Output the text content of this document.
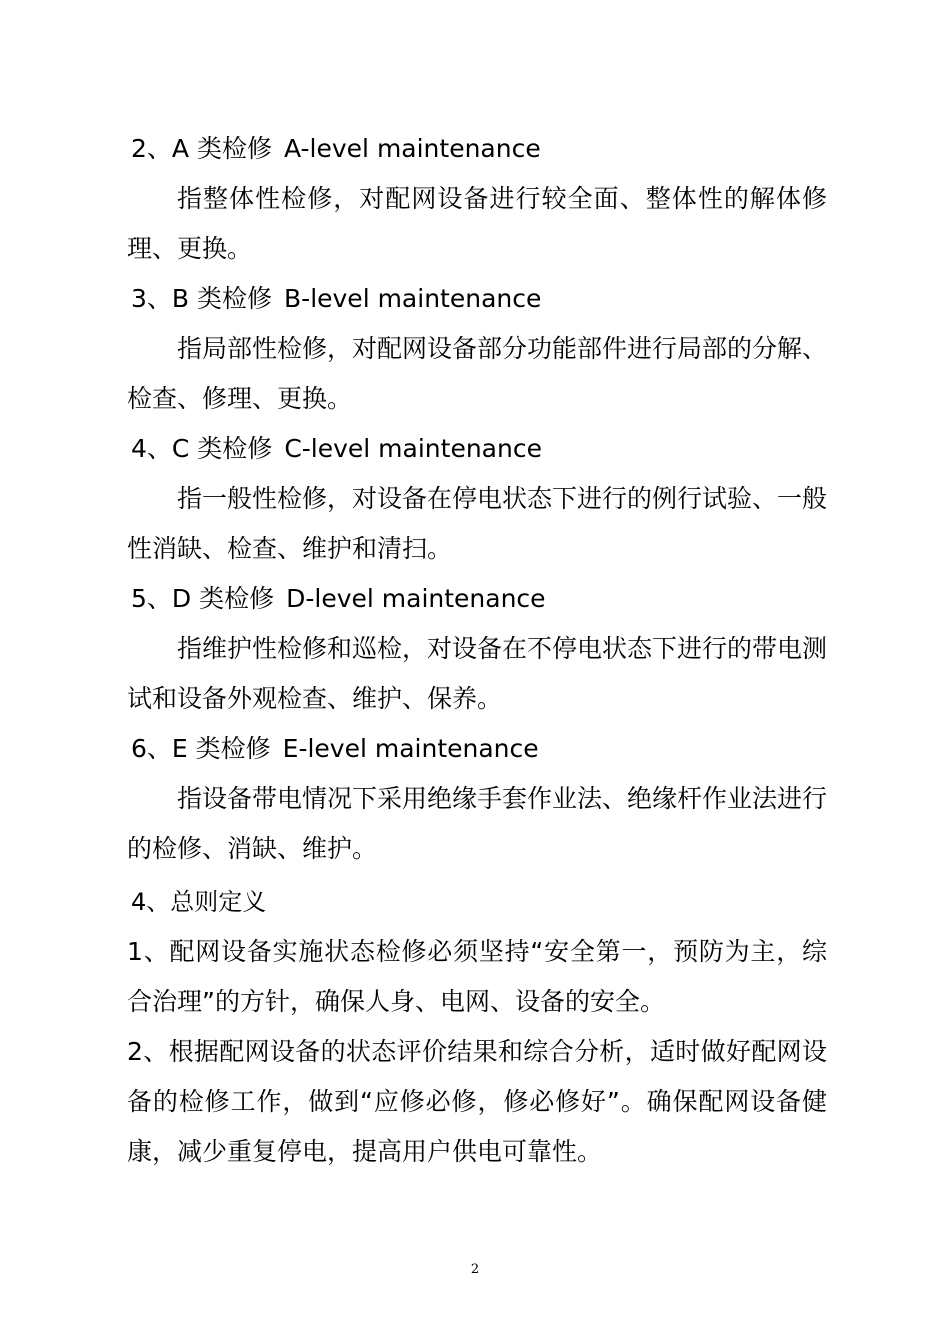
2、A 类检修 A-level maintenance
指整体性检修，对配网设备进行较全面、整体性的解体修理、更换。
3、B 类检修 B-level maintenance
指局部性检修，对配网设备部分功能部件进行局部的分解、检查、修理、更换。
4、C 类检修 C-level maintenance
指一般性检修，对设备在停电状态下进行的例行试验、一般性消缺、检查、维护和清扫。
5、D 类检修 D-level maintenance
指维护性检修和巡检，对设备在不停电状态下进行的带电测试和设备外观检查、维护、保养。
6、E 类检修 E-level maintenance
指设备带电情况下采用绝缘手套作业法、绝缘杆作业法进行的检修、消缺、维护。
4、总则定义
1、配网设备实施状态检修必须坚持“安全第一，预防为主，综合治理”的方针，确保人身、电网、设备的安全。
2、根据配网设备的状态评价结果和综合分析，适时做好配网设备的检修工作，做到“应修必修，修必修好”。确保配网设备健康，减少重复停电，提高用户供电可靠性。
2
